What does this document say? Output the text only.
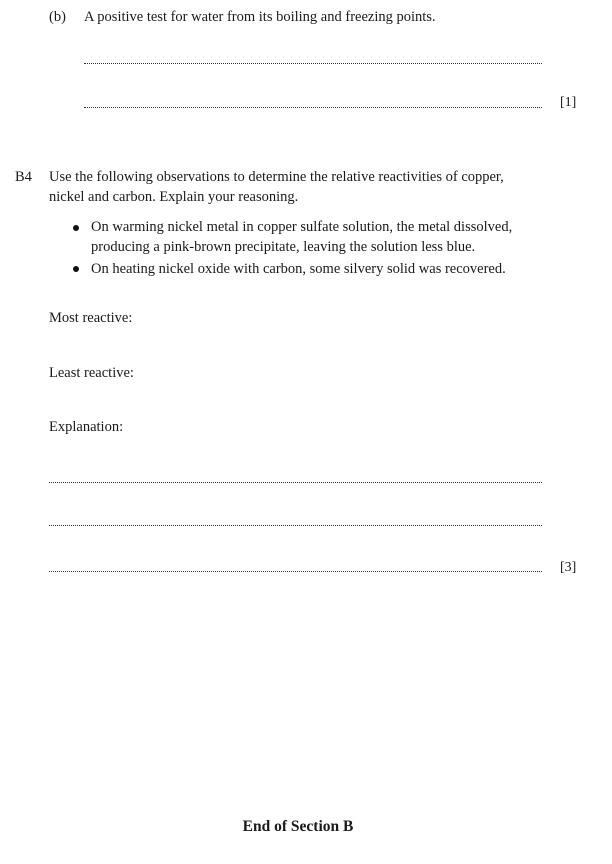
(b) A positive test for water from its boiling and freezing points.
[1]
B4 Use the following observations to determine the relative reactivities of copper,
nickel and carbon. Explain your reasoning.
On warming nickel metal in copper sulfate solution, the metal dissolved,
producing a pink-brown precipitate, leaving the solution less blue.
On heating nickel oxide with carbon, some silvery solid was recovered.
Most reactive:
Least reactive:
Explanation:
[3]
End of Section B
